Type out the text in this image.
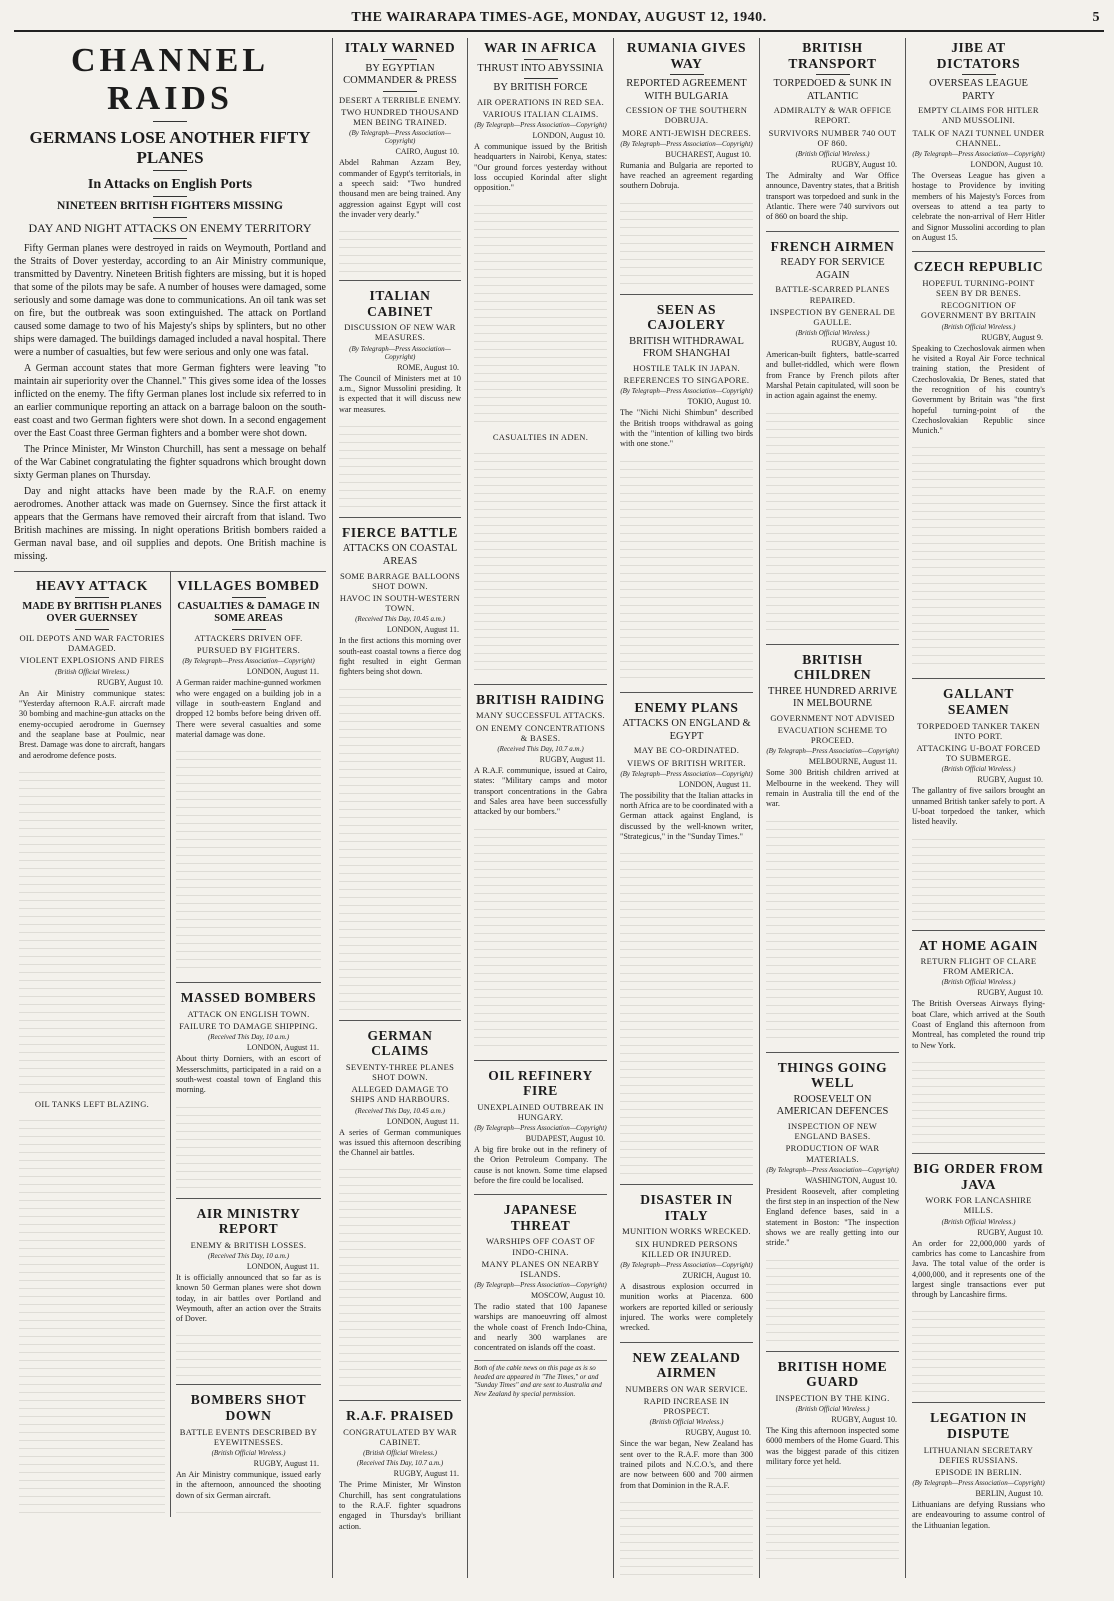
THE WAIRARAPA TIMES-AGE, MONDAY, AUGUST 12, 1940.	5
CHANNEL RAIDS
GERMANS LOSE ANOTHER FIFTY PLANES
In Attacks on English Ports
NINETEEN BRITISH FIGHTERS MISSING
DAY AND NIGHT ATTACKS ON ENEMY TERRITORY

Fifty German planes were destroyed in raids on Weymouth, Portland and the Straits of Dover yesterday, according to an Air Ministry communique, transmitted by Daventry. Nineteen British fighters are missing, but it is hoped that some of the pilots may be safe. A number of houses were damaged, some seriously and some damage was done to communications. An oil tank was set on fire, but the outbreak was soon extinguished. The attack on Portland caused some damage to two of his Majesty's ships by splinters, but no other ships were damaged. The buildings damaged included a naval hospital. There were a number of casualties, but few were serious and only one was fatal.

A German account states that more German fighters were leaving "to maintain air superiority over the Channel." This gives some idea of the losses inflicted on the enemy. The fifty German planes lost include six referred to in an earlier communique reporting an attack on a barrage baloon on the south-east coast and two German fighters were shot down. In a second engagement over the East Coast three German fighters and a bomber were shot down.

The Prince Minister, Mr Winston Churchill, has sent a message on behalf of the War Cabinet congratulating the fighter squadrons which brought down sixty German planes on Thursday.

Day and night attacks have been made by the R.A.F. on enemy aerodromes. Another attack was made on Guernsey. Since the first attack it appears that the Germans have removed their aircraft from that island. Two British machines are missing. In night operations British bombers raided a German naval base, and oil supplies and depots. One British machine is missing.

HEAVY ATTACK
MADE BY BRITISH PLANES OVER GUERNSEY
OIL DEPOTS AND WAR FACTORIES DAMAGED.
VIOLENT EXPLOSIONS AND FIRES
(British Official Wireless.)
RUGBY, August 10.
An Air Ministry communique states: "Yesterday afternoon R.A.F. aircraft made 30 bombing and machine-gun attacks on the enemy-occupied aerodrome in Guernsey and the seaplane base at Poulmic, near Brest. Damage was done to aircraft, hangars and aerodrome defence posts.
OIL TANKS LEFT BLAZING.
VILLAGES BOMBED
CASUALTIES & DAMAGE IN SOME AREAS
ATTACKERS DRIVEN OFF.
PURSUED BY FIGHTERS.
(By Telegraph—Press Association—Copyright)
LONDON, August 11.
A German raider machine-gunned workmen who were engaged on a building job in a village in south-eastern England and dropped 12 bombs before being driven off. There were several casualties and some material damage was done.
MASSED BOMBERS
ATTACK ON ENGLISH TOWN.
FAILURE TO DAMAGE SHIPPING.
(Received This Day, 10 a.m.)
LONDON, August 11.
About thirty Dorniers, with an escort of Messerschmitts, participated in a raid on a south-west coastal town of England this morning.
AIR MINISTRY REPORT
ENEMY & BRITISH LOSSES.
(Received This Day, 10 a.m.)
LONDON, August 11.
It is officially announced that so far as is known 50 German planes were shot down today, in air battles over Portland and Weymouth, after an action over the Straits of Dover.
BOMBERS SHOT DOWN
BATTLE EVENTS DESCRIBED BY EYEWITNESSES.
(British Official Wireless.)
RUGBY, August 11.
An Air Ministry communique, issued early in the afternoon, announced the shooting down of six German aircraft.
ITALY WARNED
BY EGYPTIAN COMMANDER & PRESS
DESERT A TERRIBLE ENEMY.
TWO HUNDRED THOUSAND MEN BEING TRAINED.
(By Telegraph—Press Association—Copyright)
CAIRO, August 10.
Abdel Rahman Azzam Bey, commander of Egypt's territorials, in a speech said: "Two hundred thousand men are being trained. Any aggression against Egypt will cost the invader very dearly."
ITALIAN CABINET
DISCUSSION OF NEW WAR MEASURES.
(By Telegraph—Press Association—Copyright)
ROME, August 10.
The Council of Ministers met at 10 a.m., Signor Mussolini presiding. It is expected that it will discuss new war measures.
FIERCE BATTLE
ATTACKS ON COASTAL AREAS
SOME BARRAGE BALLOONS SHOT DOWN.
HAVOC IN SOUTH-WESTERN TOWN.
(Received This Day, 10.45 a.m.)
LONDON, August 11.
In the first actions this morning over south-east coastal towns a fierce dog fight resulted in eight German fighters being shot down.
GERMAN CLAIMS
SEVENTY-THREE PLANES SHOT DOWN.
ALLEGED DAMAGE TO SHIPS AND HARBOURS.
(Received This Day, 10.45 a.m.)
LONDON, August 11.
A series of German communiques was issued this afternoon describing the Channel air battles.
R.A.F. PRAISED
CONGRATULATED BY WAR CABINET.
(British Official Wireless.)
(Received This Day, 10.7 a.m.)
RUGBY, August 11.
The Prime Minister, Mr Winston Churchill, has sent congratulations to the R.A.F. fighter squadrons engaged in Thursday's brilliant action.
WAR IN AFRICA
THRUST INTO ABYSSINIA
BY BRITISH FORCE
AIR OPERATIONS IN RED SEA.
VARIOUS ITALIAN CLAIMS.
(By Telegraph—Press Association—Copyright)
LONDON, August 10.
A communique issued by the British headquarters in Nairobi, Kenya, states: "Our ground forces yesterday without loss occupied Korindal after slight opposition."
CASUALTIES IN ADEN.
BRITISH RAIDING
MANY SUCCESSFUL ATTACKS.
ON ENEMY CONCENTRATIONS & BASES.
(Received This Day, 10.7 a.m.)
RUGBY, August 11.
A R.A.F. communique, issued at Cairo, states: "Military camps and motor transport concentrations in the Gabra and Sales area have been successfully attacked by our bombers."
OIL REFINERY FIRE
UNEXPLAINED OUTBREAK IN HUNGARY.
(By Telegraph—Press Association—Copyright)
BUDAPEST, August 10.
A big fire broke out in the refinery of the Orion Petroleum Company. The cause is not known. Some time elapsed before the fire could be localised.
JAPANESE THREAT
WARSHIPS OFF COAST OF INDO-CHINA.
MANY PLANES ON NEARBY ISLANDS.
(By Telegraph—Press Association—Copyright)
MOSCOW, August 10.
The radio stated that 100 Japanese warships are manoeuvring off almost the whole coast of French Indo-China, and nearly 300 warplanes are concentrated on islands off the coast.
Both of the cable news on this page as is so headed are appeared in "The Times," or and "Sunday Times" and are sent to Australia and New Zealand by special permission.
RUMANIA GIVES WAY
REPORTED AGREEMENT WITH BULGARIA
CESSION OF THE SOUTHERN DOBRUJA.
MORE ANTI-JEWISH DECREES.
(By Telegraph—Press Association—Copyright)
BUCHAREST, August 10.
Rumania and Bulgaria are reported to have reached an agreement regarding southern Dobruja.
SEEN AS CAJOLERY
BRITISH WITHDRAWAL FROM SHANGHAI
HOSTILE TALK IN JAPAN.
REFERENCES TO SINGAPORE.
(By Telegraph—Press Association—Copyright)
TOKIO, August 10.
The "Nichi Nichi Shimbun" described the British troops withdrawal as going with the "intention of killing two birds with one stone."
ENEMY PLANS
ATTACKS ON ENGLAND & EGYPT
MAY BE CO-ORDINATED.
VIEWS OF BRITISH WRITER.
(By Telegraph—Press Association—Copyright)
LONDON, August 11.
The possibility that the Italian attacks in north Africa are to be coordinated with a German attack against England, is discussed by the well-known writer, "Strategicus," in the "Sunday Times."
DISASTER IN ITALY
MUNITION WORKS WRECKED.
SIX HUNDRED PERSONS KILLED OR INJURED.
(By Telegraph—Press Association—Copyright)
ZURICH, August 10.
A disastrous explosion occurred in munition works at Piacenza. 600 workers are reported killed or seriously injured. The works were completely wrecked.
NEW ZEALAND AIRMEN
NUMBERS ON WAR SERVICE.
RAPID INCREASE IN PROSPECT.
(British Official Wireless.)
RUGBY, August 10.
Since the war began, New Zealand has sent over to the R.A.F. more than 300 trained pilots and N.C.O.'s, and there are now between 600 and 700 airmen from that Dominion in the R.A.F.
BRITISH TRANSPORT
TORPEDOED & SUNK IN ATLANTIC
ADMIRALTY & WAR OFFICE REPORT.
SURVIVORS NUMBER 740 OUT OF 860.
(British Official Wireless.)
RUGBY, August 10.
The Admiralty and War Office announce, Daventry states, that a British transport was torpedoed and sunk in the Atlantic. There were 740 survivors out of 860 on board the ship.
FRENCH AIRMEN
READY FOR SERVICE AGAIN
BATTLE-SCARRED PLANES REPAIRED.
INSPECTION BY GENERAL DE GAULLE.
(British Official Wireless.)
RUGBY, August 10.
American-built fighters, battle-scarred and bullet-riddled, which were flown from France by French pilots after Marshal Petain capitulated, will soon be in action again against the enemy.
BRITISH CHILDREN
THREE HUNDRED ARRIVE IN MELBOURNE
GOVERNMENT NOT ADVISED
EVACUATION SCHEME TO PROCEED.
(By Telegraph—Press Association—Copyright)
MELBOURNE, August 11.
Some 300 British children arrived at Melbourne in the weekend. They will remain in Australia till the end of the war.
THINGS GOING WELL
ROOSEVELT ON AMERICAN DEFENCES
INSPECTION OF NEW ENGLAND BASES.
PRODUCTION OF WAR MATERIALS.
(By Telegraph—Press Association—Copyright)
WASHINGTON, August 10.
President Roosevelt, after completing the first step in an inspection of the New England defence bases, said in a statement in Boston: "The inspection shows we are really getting into our stride."
BRITISH HOME GUARD
INSPECTION BY THE KING.
(British Official Wireless.)
RUGBY, August 10.
The King this afternoon inspected some 6000 members of the Home Guard. This was the biggest parade of this citizen military force yet held.
JIBE AT DICTATORS
OVERSEAS LEAGUE PARTY
EMPTY CLAIMS FOR HITLER AND MUSSOLINI.
TALK OF NAZI TUNNEL UNDER CHANNEL.
(By Telegraph—Press Association—Copyright)
LONDON, August 10.
The Overseas League has given a hostage to Providence by inviting members of his Majesty's Forces from overseas to attend a tea party to celebrate the non-arrival of Herr Hitler and Signor Mussolini according to plan on August 15.
CZECH REPUBLIC
HOPEFUL TURNING-POINT SEEN BY DR BENES.
RECOGNITION OF GOVERNMENT BY BRITAIN
(British Official Wireless.)
RUGBY, August 9.
Speaking to Czechoslovak airmen when he visited a Royal Air Force technical training station, the President of Czechoslovakia, Dr Benes, stated that the recognition of his country's Government by Britain was "the first hopeful turning-point of the Czechoslovakian Republic since Munich."
GALLANT SEAMEN
TORPEDOED TANKER TAKEN INTO PORT.
ATTACKING U-BOAT FORCED TO SUBMERGE.
(British Official Wireless.)
RUGBY, August 10.
The gallantry of five sailors brought an unnamed British tanker safely to port. A U-boat torpedoed the tanker, which listed heavily.
AT HOME AGAIN
RETURN FLIGHT OF CLARE FROM AMERICA.
(British Official Wireless.)
RUGBY, August 10.
The British Overseas Airways flying-boat Clare, which arrived at the South Coast of England this afternoon from Montreal, has completed the round trip to New York.
BIG ORDER FROM JAVA
WORK FOR LANCASHIRE MILLS.
(British Official Wireless.)
RUGBY, August 10.
An order for 22,000,000 yards of cambrics has come to Lancashire from Java. The total value of the order is 4,000,000, and it represents one of the largest single transactions ever put through by Lancashire firms.
LEGATION IN DISPUTE
LITHUANIAN SECRETARY DEFIES RUSSIANS.
EPISODE IN BERLIN.
(By Telegraph—Press Association—Copyright)
BERLIN, August 10.
Lithuanians are defying Russians who are endeavouring to assume control of the Lithuanian legation.
